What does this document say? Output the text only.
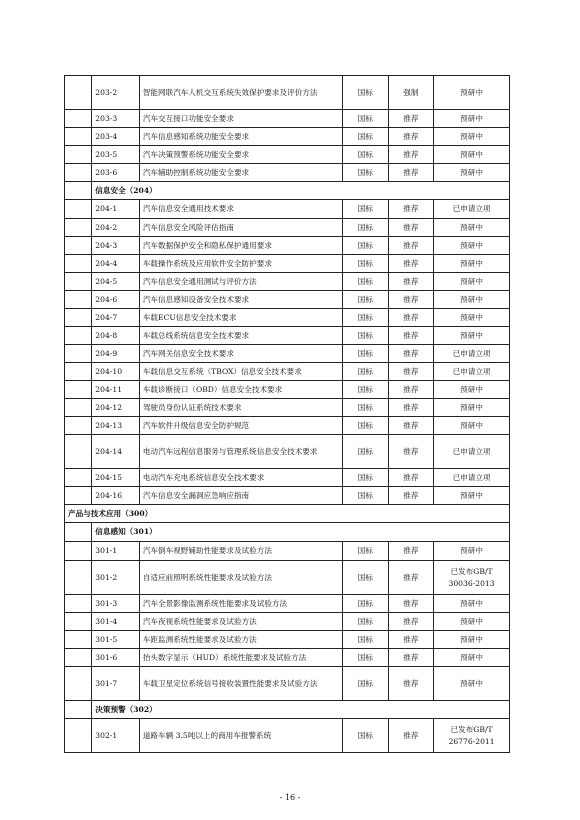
	203-2	智能网联汽车人机交互系统失效保护要求及评价方法	国标	强制	预研中
	203-3	汽车交互接口功能安全要求	国标	推荐	预研中
	203-4	汽车信息感知系统功能安全要求	国标	推荐	预研中
	203-5	汽车决策预警系统功能安全要求	国标	推荐	预研中
	203-6	汽车辅助控制系统功能安全要求	国标	推荐	预研中
	信息安全（204）				
	204-1	汽车信息安全通用技术要求	国标	推荐	已申请立项
	204-2	汽车信息安全风险评估指南	国标	推荐	预研中
	204-3	汽车数据保护安全和隐私保护通用要求	国标	推荐	预研中
	204-4	车载操作系统及应用软件安全防护要求	国标	推荐	预研中
	204-5	汽车信息安全通用测试与评价方法	国标	推荐	预研中
	204-6	汽车信息感知设备安全技术要求	国标	推荐	预研中
	204-7	车载ECU信息安全技术要求	国标	推荐	预研中
	204-8	车载总线系统信息安全技术要求	国标	推荐	预研中
	204-9	汽车网关信息安全技术要求	国标	推荐	已申请立项
	204-10	车载信息交互系统（TBOX）信息安全技术要求	国标	推荐	已申请立项
	204-11	车载诊断接口（OBD）信息安全技术要求	国标	推荐	预研中
	204-12	驾驶员身份认证系统技术要求	国标	推荐	预研中
	204-13	汽车软件升级信息安全防护规范	国标	推荐	预研中
	204-14	电动汽车远程信息服务与管理系统信息安全技术要求	国标	推荐	已申请立项
	204-15	电动汽车充电系统信息安全技术要求	国标	推荐	已申请立项
	204-16	汽车信息安全漏洞应急响应指南	国标	推荐	预研中
产品与技术应用（300）					
	信息感知（301）				
	301-1	汽车倒车视野辅助性能要求及试验方法	国标	推荐	预研中
	301-2	自适应前照明系统性能要求及试验方法	国标	推荐	已发布GB/T 30036-2013
	301-3	汽车全景影像监测系统性能要求及试验方法	国标	推荐	预研中
	301-4	汽车夜视系统性能要求及试验方法	国标	推荐	预研中
	301-5	车距监测系统性能要求及试验方法	国标	推荐	预研中
	301-6	抬头数字显示（HUD）系统性能要求及试验方法	国标	推荐	预研中
	301-7	车载卫星定位系统信号接收装置性能要求及试验方法	国标	推荐	预研中
	决策预警（302）				
	302-1	道路车辆 3.5吨以上的商用车报警系统	国标	推荐	已发布GB/T 26776-2011
- 16 -
